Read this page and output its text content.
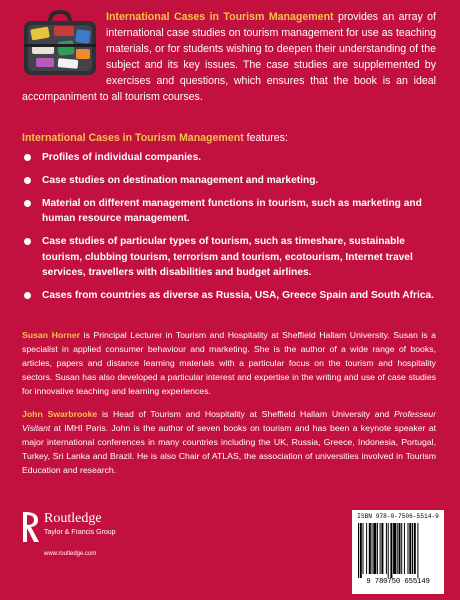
International Cases in Tourism Management provides an array of international case studies on tourism management for use as teaching materials, or for students wishing to deepen their understanding of the subject and its key issues. The case studies are supplemented by exercises and questions, which ensures that the book is an ideal accompaniment to all tourism courses.
International Cases in Tourism Management features:
Profiles of individual companies.
Case studies on destination management and marketing.
Material on different management functions in tourism, such as marketing and human resource management.
Case studies of particular types of tourism, such as timeshare, sustainable tourism, clubbing tourism, terrorism and tourism, ecotourism, Internet travel services, travellers with disabilities and budget airlines.
Cases from countries as diverse as Russia, USA, Greece Spain and South Africa.
Susan Horner is Principal Lecturer in Tourism and Hospitality at Sheffield Hallam University. Susan is a specialist in applied consumer behaviour and marketing. She is the author of a wide range of books, articles, papers and distance learning materials with a particular focus on the tourism and hospitality sectors. Susan has also developed a particular interest and expertise in the writing and use of case studies for innovative teaching and learning experiences.
John Swarbrooke is Head of Tourism and Hospitality at Sheffield Hallam University and Professeur Visitant at IMHI Paris. John is the author of seven books on tourism and has been a keynote speaker at major international conferences in many countries including the UK, Russia, Greece, Indonesia, Portugal, Turkey, Sri Lanka and Brazil. He is also Chair of ATLAS, the association of universities involved in Tourism Education and research.
Routledge
Taylor & Francis Group
www.routledge.com
ISBN 978-0-7506-5514-9
9 780750 655149
